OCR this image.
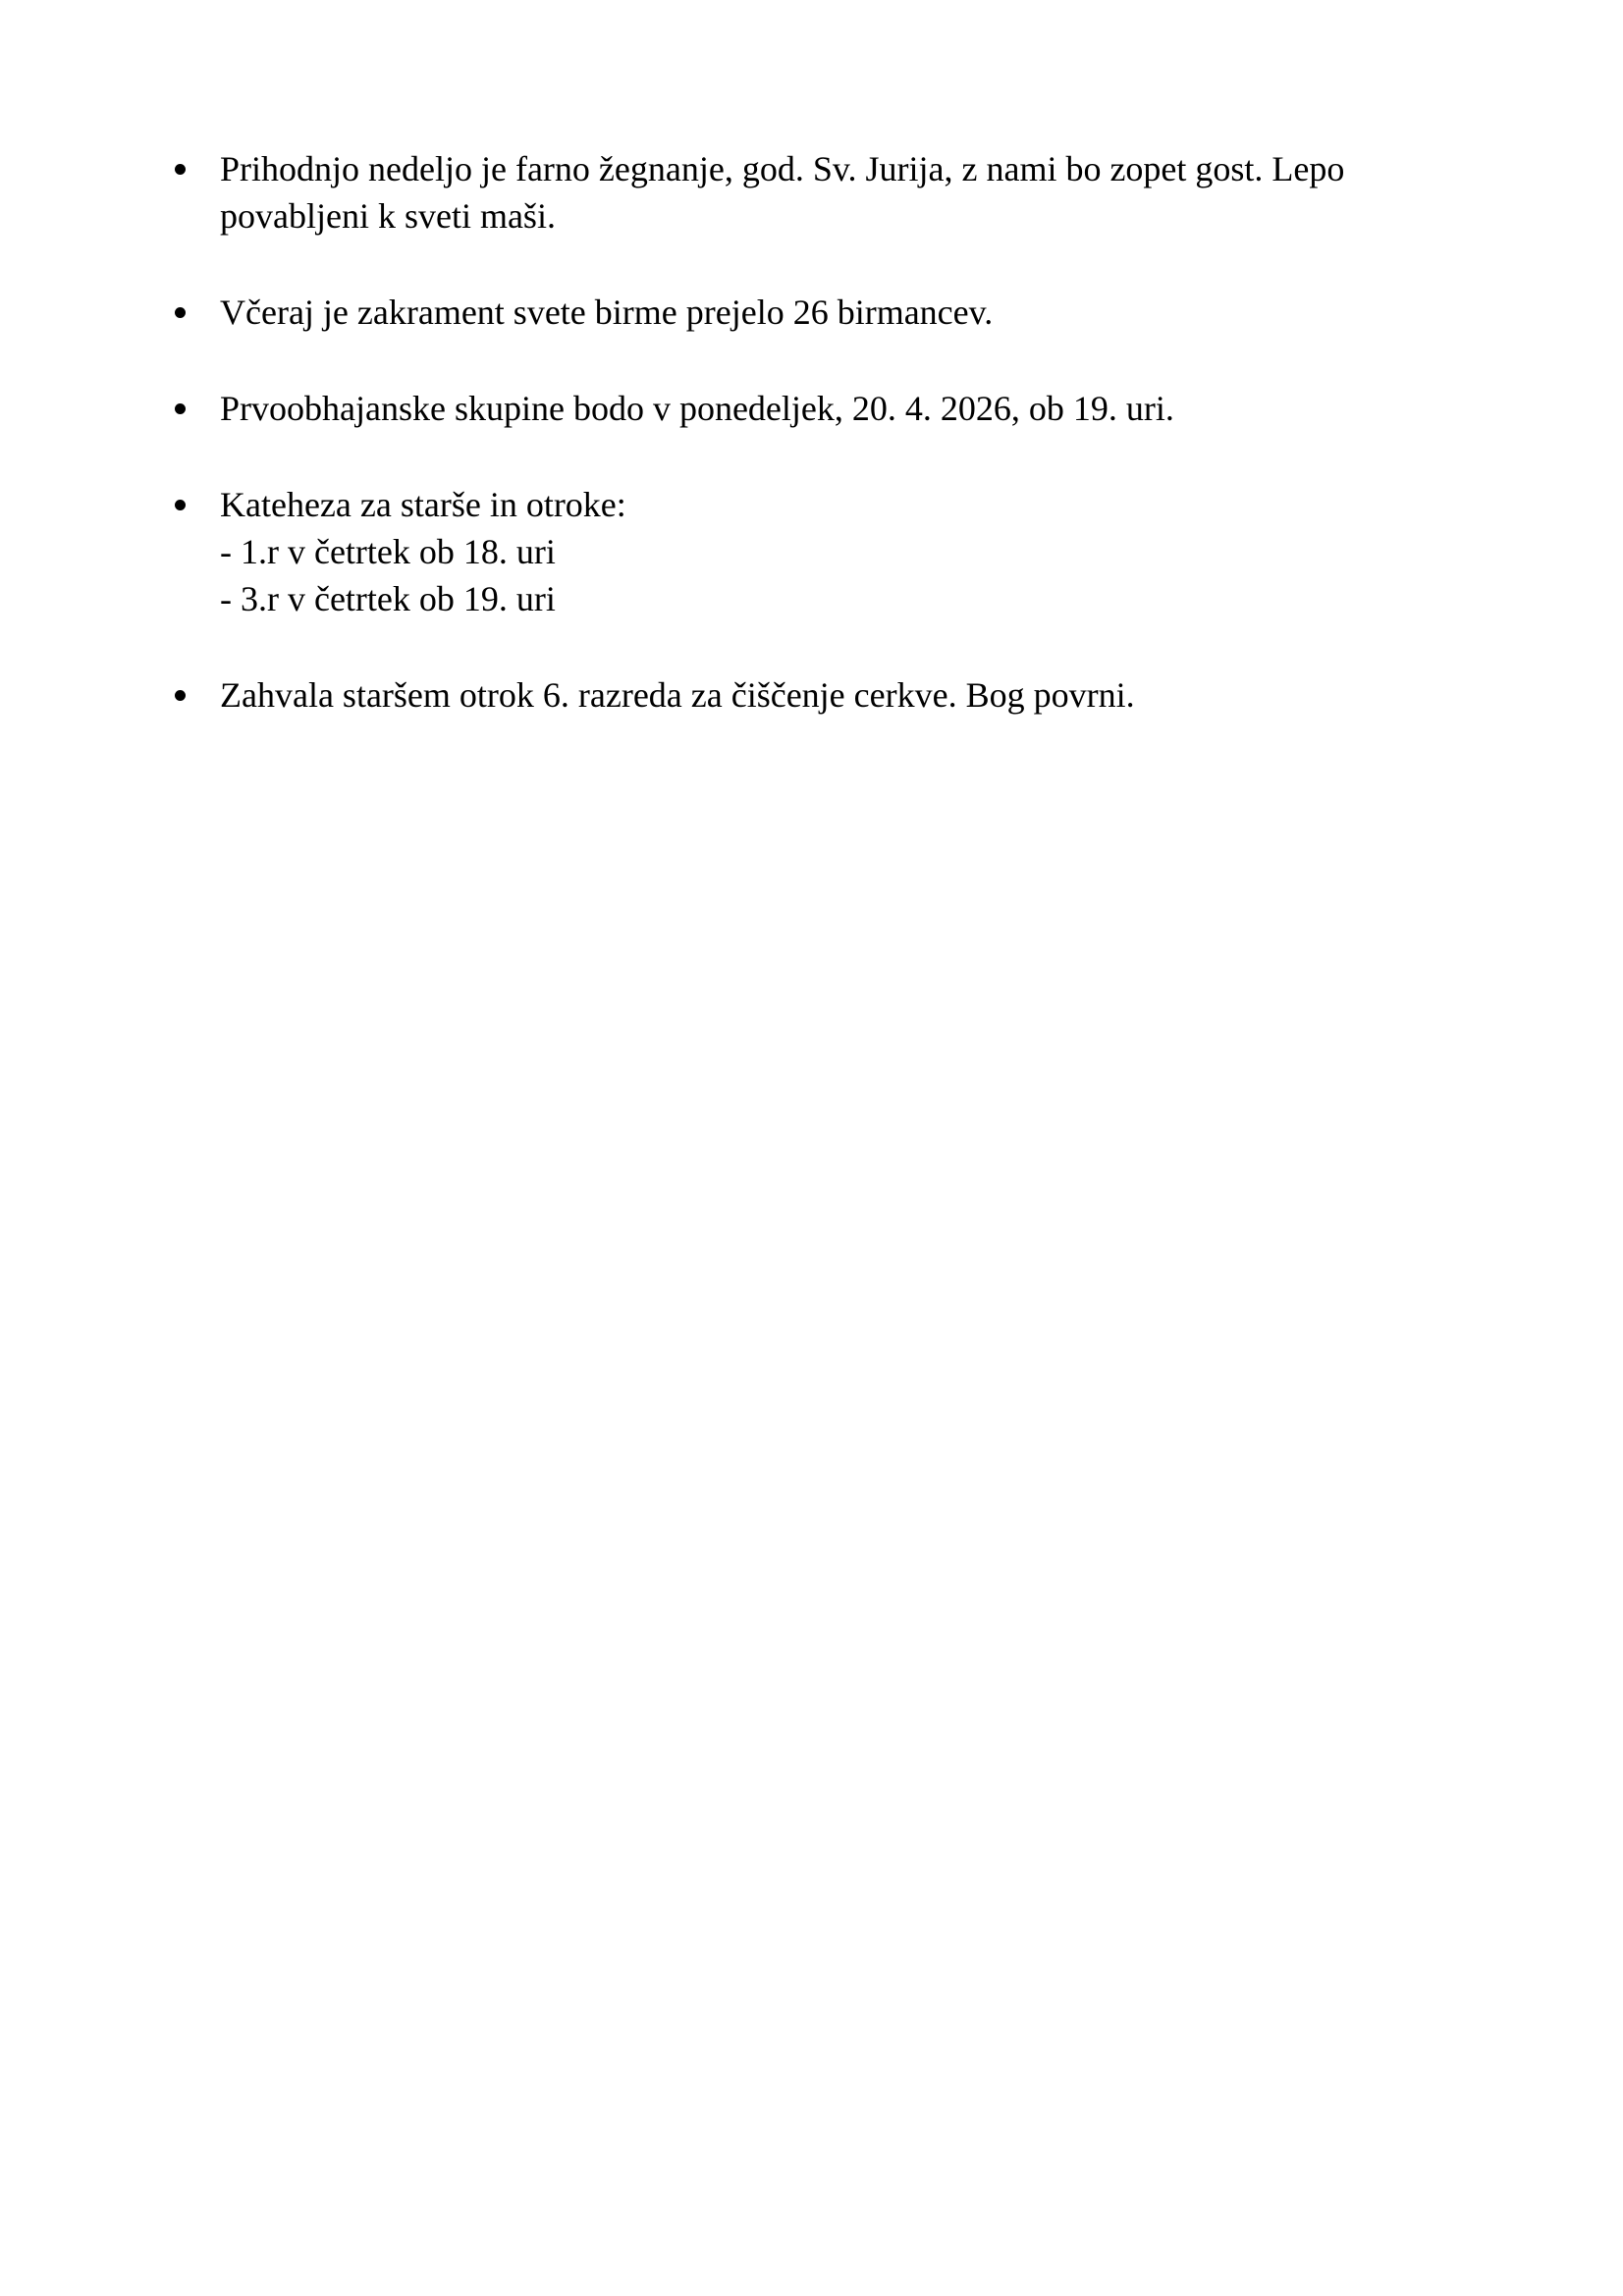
Prihodnjo nedeljo je farno žegnanje, god. Sv. Jurija, z nami bo zopet gost. Lepo povabljeni k sveti maši.
Včeraj je zakrament svete birme prejelo 26 birmancev.
Prvoobhajanske skupine bodo v ponedeljek, 20. 4. 2026, ob 19. uri.
Kateheza za starše in otroke:
- 1.r v četrtek ob 18. uri
- 3.r v četrtek ob 19. uri
Zahvala staršem otrok 6. razreda za čiščenje cerkve. Bog povrni.
